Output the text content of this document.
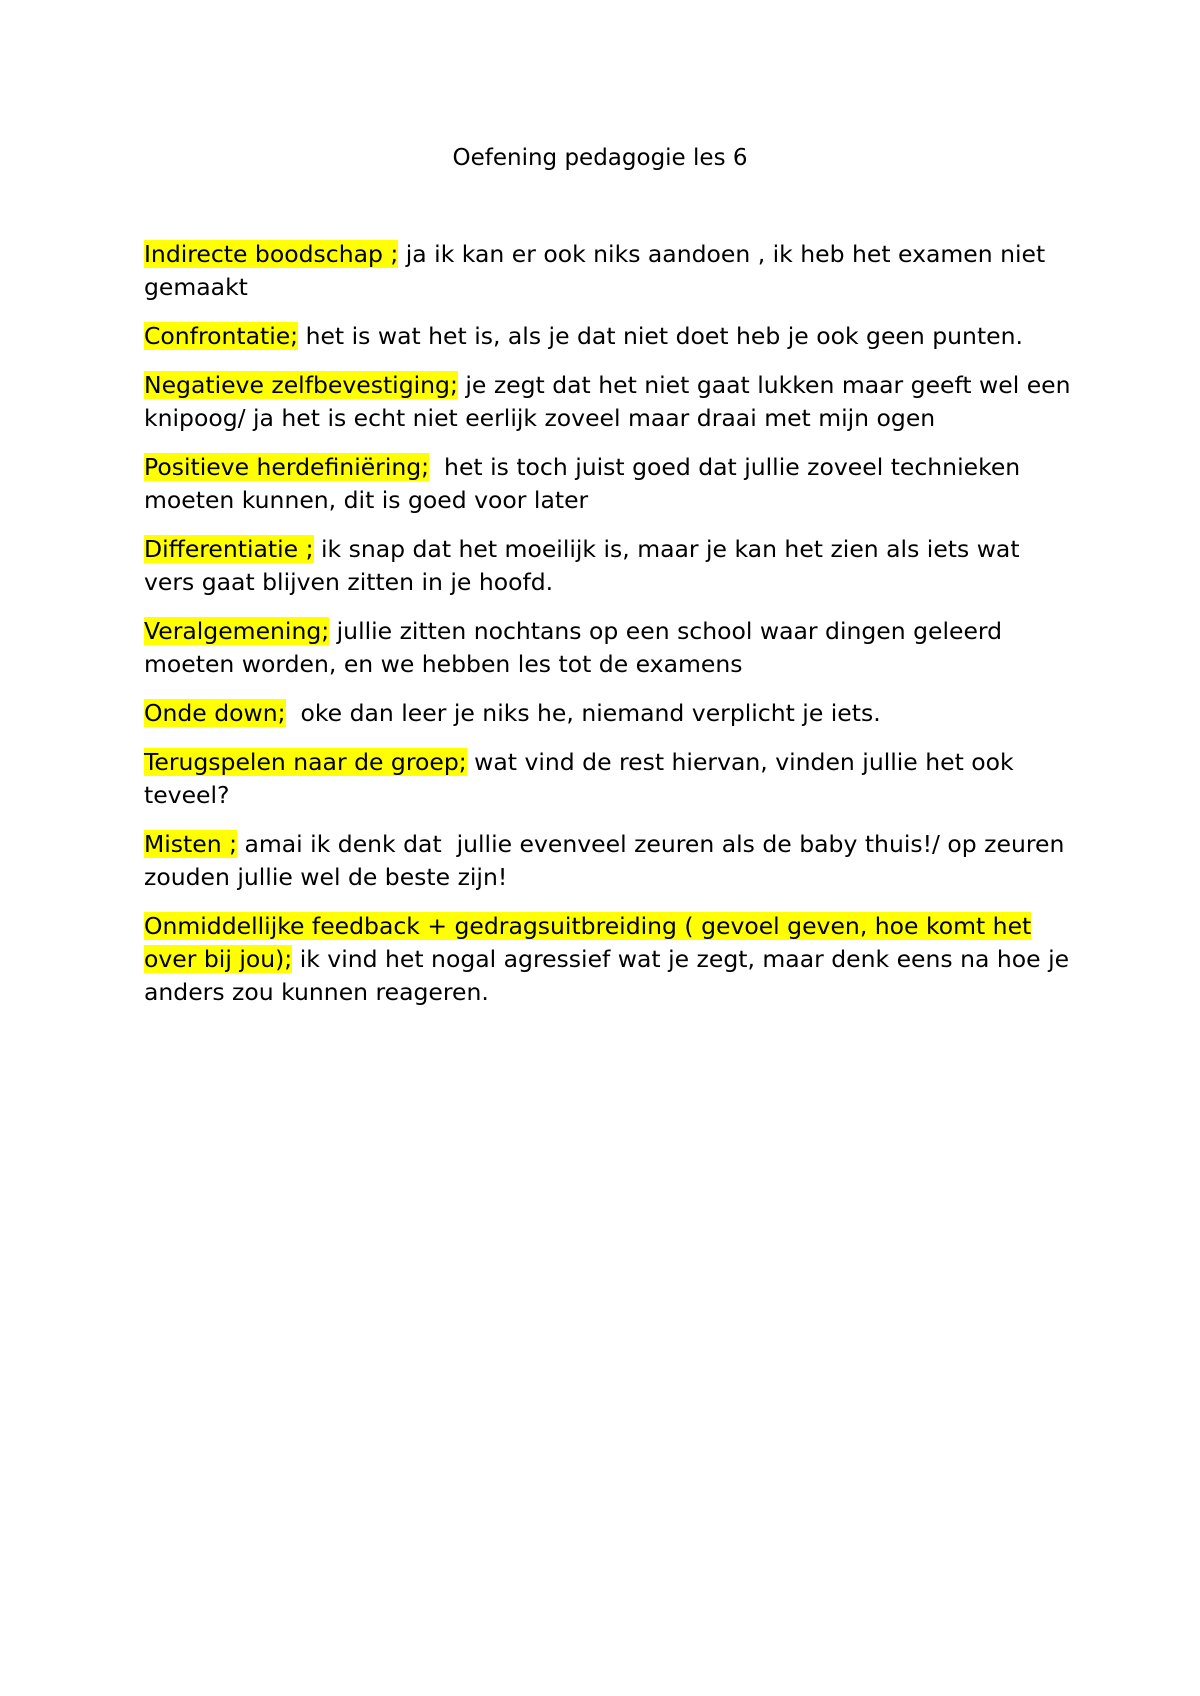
Oefening pedagogie les 6

Indirecte boodschap ; ja ik kan er ook niks aandoen , ik heb het examen niet gemaakt

Confrontatie; het is wat het is, als je dat niet doet heb je ook geen punten.

Negatieve zelfbevestiging; je zegt dat het niet gaat lukken maar geeft wel een knipoog/ ja het is echt niet eerlijk zoveel maar draai met mijn ogen

Positieve herdefiniëring;  het is toch juist goed dat jullie zoveel technieken moeten kunnen, dit is goed voor later

Differentiatie ; ik snap dat het moeilijk is, maar je kan het zien als iets wat vers gaat blijven zitten in je hoofd.

Veralgemening; jullie zitten nochtans op een school waar dingen geleerd moeten worden, en we hebben les tot de examens

Onde down;  oke dan leer je niks he, niemand verplicht je iets.

Terugspelen naar de groep; wat vind de rest hiervan, vinden jullie het ook teveel?

Misten ; amai ik denk dat  jullie evenveel zeuren als de baby thuis!/ op zeuren zouden jullie wel de beste zijn!

Onmiddellijke feedback + gedragsuitbreiding ( gevoel geven, hoe komt het over bij jou); ik vind het nogal agressief wat je zegt, maar denk eens na hoe je anders zou kunnen reageren.
